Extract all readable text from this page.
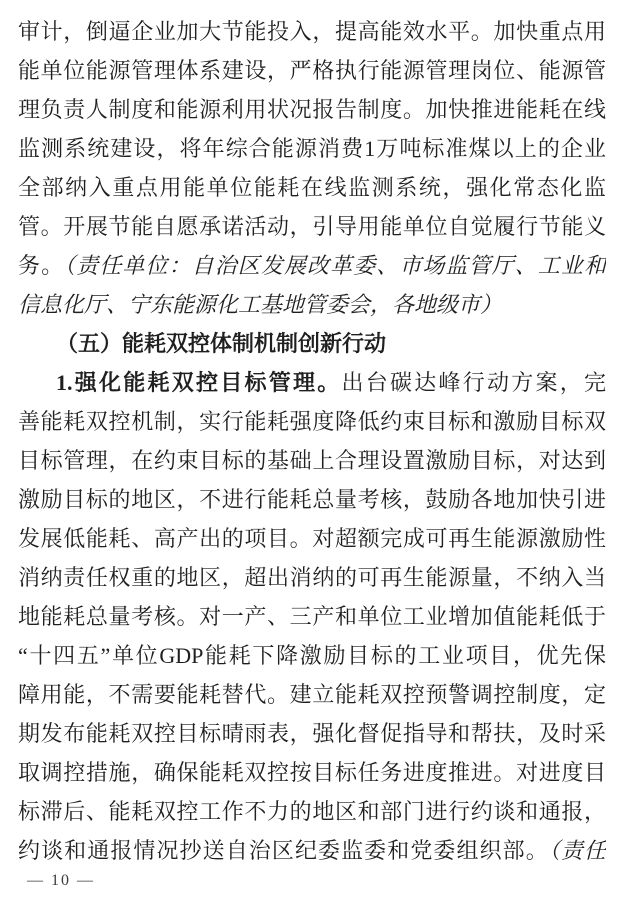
审计，倒逼企业加大节能投入，提高能效水平。加快重点用
能单位能源管理体系建设，严格执行能源管理岗位、能源管
理负责人制度和能源利用状况报告制度。加快推进能耗在线
监测系统建设，将年综合能源消费1万吨标准煤以上的企业
全部纳入重点用能单位能耗在线监测系统，强化常态化监
管。开展节能自愿承诺活动，引导用能单位自觉履行节能义
务。（责任单位：自治区发展改革委、市场监管厅、工业和
信息化厅、宁东能源化工基地管委会，各地级市）
（五）能耗双控体制机制创新行动
1.强化能耗双控目标管理。出台碳达峰行动方案，完
善能耗双控机制，实行能耗强度降低约束目标和激励目标双
目标管理，在约束目标的基础上合理设置激励目标，对达到
激励目标的地区，不进行能耗总量考核，鼓励各地加快引进
发展低能耗、高产出的项目。对超额完成可再生能源激励性
消纳责任权重的地区，超出消纳的可再生能源量，不纳入当
地能耗总量考核。对一产、三产和单位工业增加值能耗低于
“十四五”单位GDP能耗下降激励目标的工业项目，优先保
障用能，不需要能耗替代。建立能耗双控预警调控制度，定
期发布能耗双控目标晴雨表，强化督促指导和帮扶，及时采
取调控措施，确保能耗双控按目标任务进度推进。对进度目
标滞后、能耗双控工作不力的地区和部门进行约谈和通报，
约谈和通报情况抄送自治区纪委监委和党委组织部。（责任
— 10 —
